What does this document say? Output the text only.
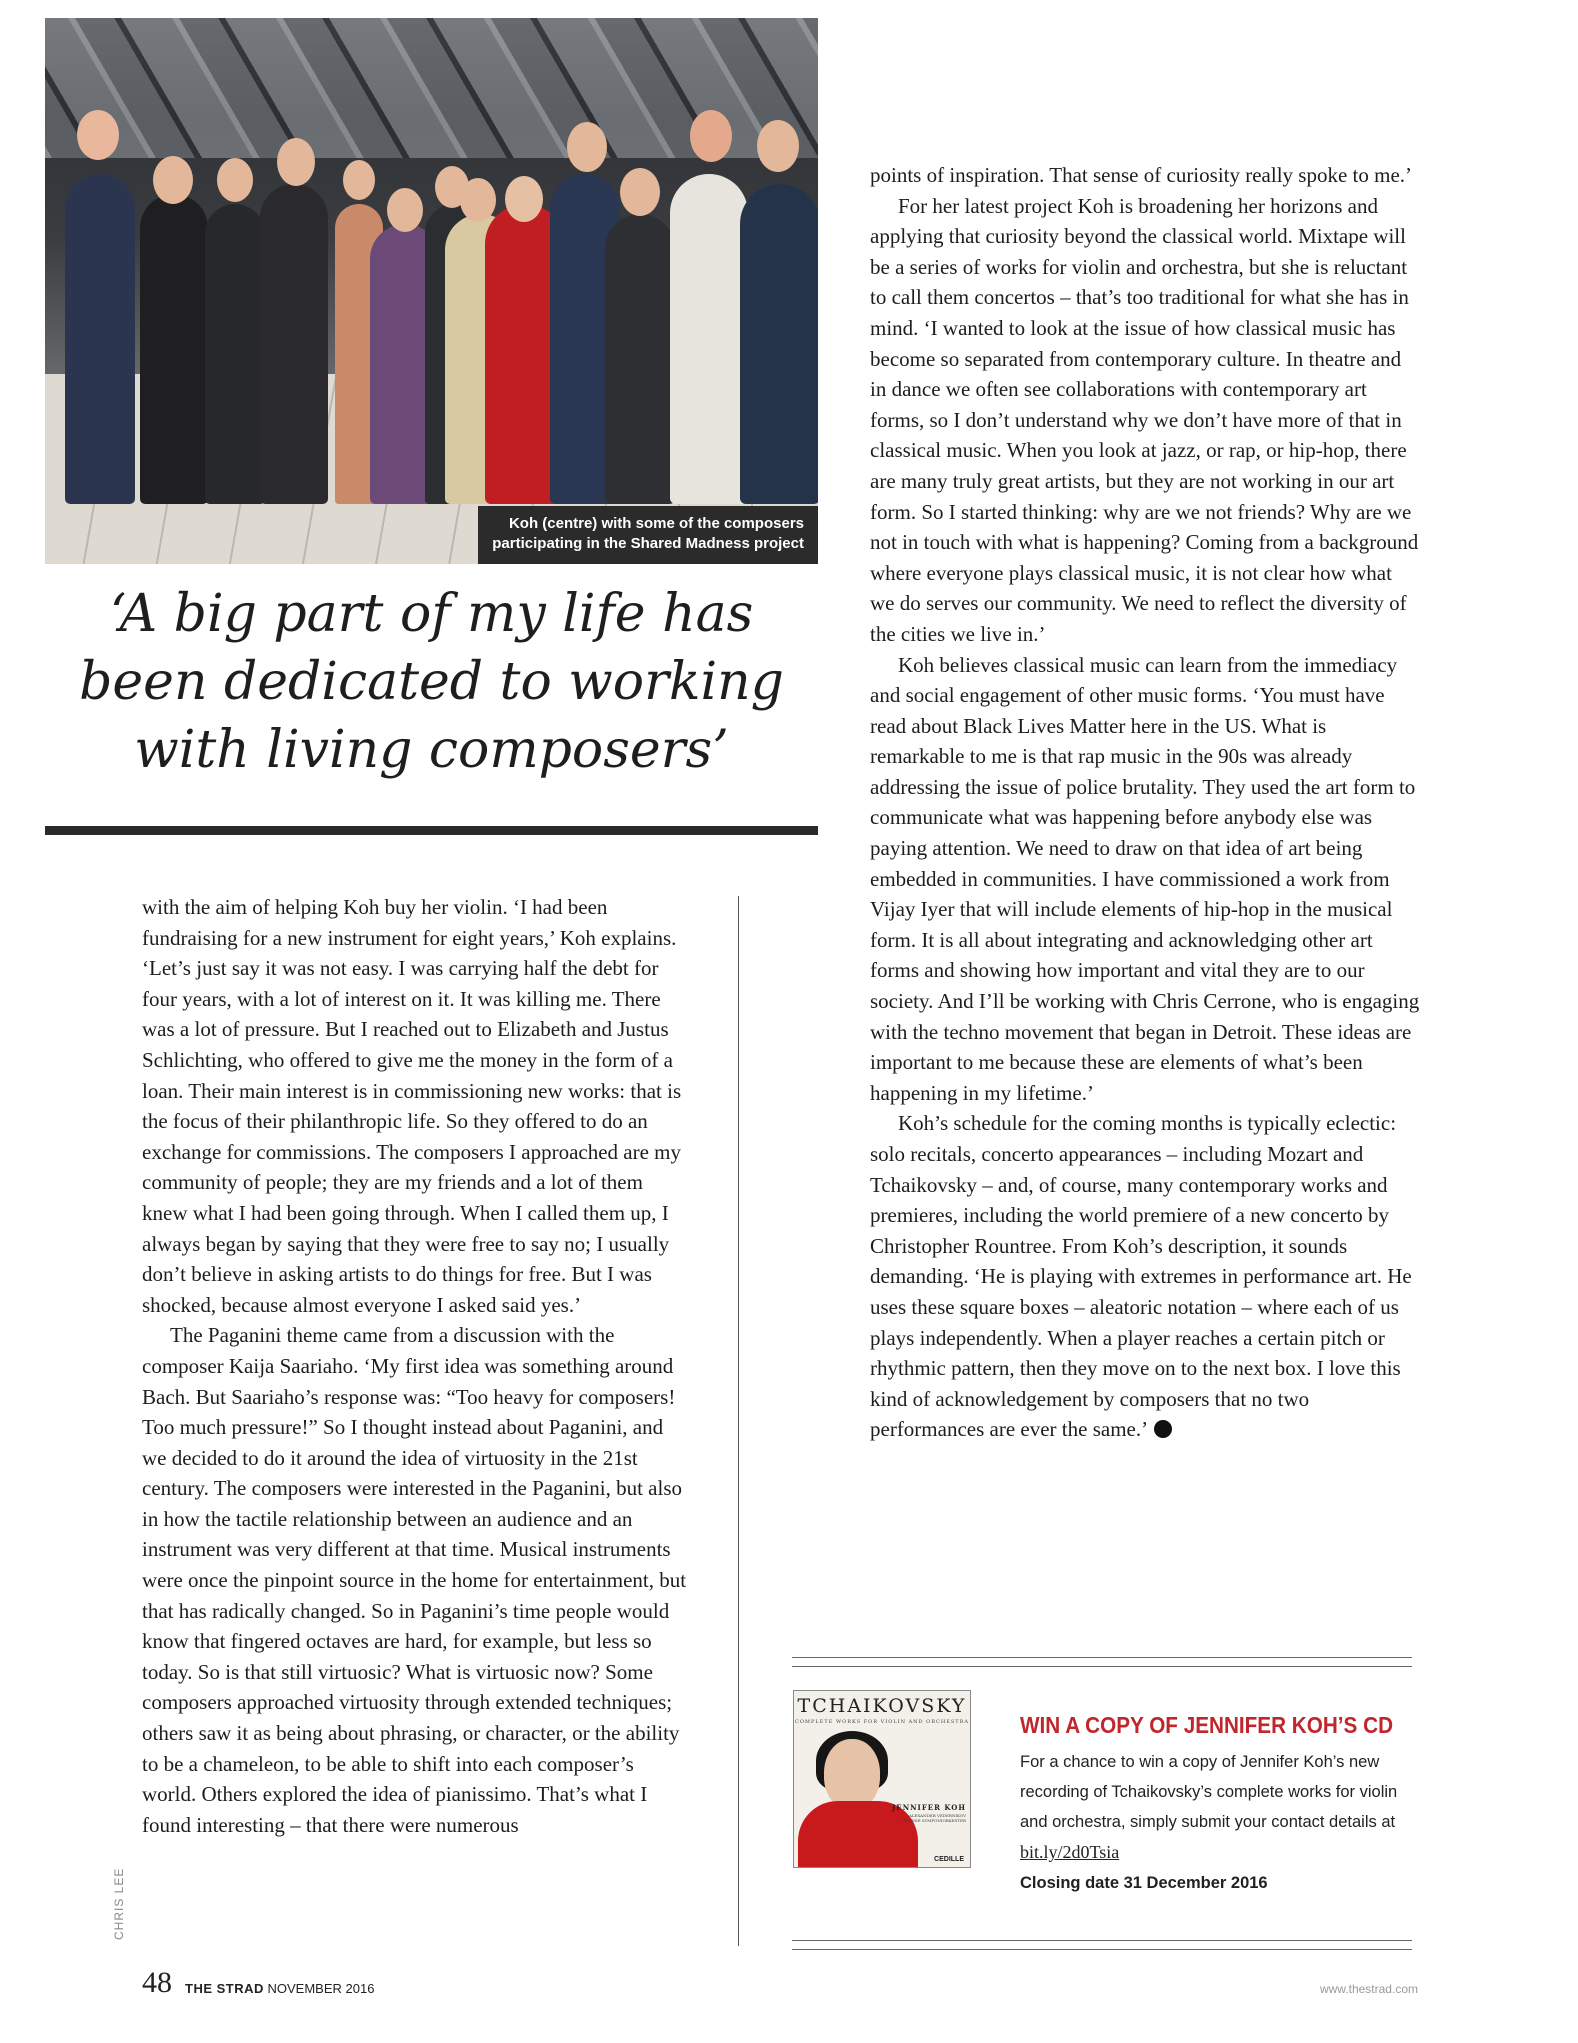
Koh (centre) with some of the composers
participating in the Shared Madness project
‘A big part of my life has
been dedicated to working
with living composers’

with the aim of helping Koh buy her violin. ‘I had been fundraising for a new instrument for eight years,’ Koh explains. ‘Let’s just say it was not easy. I was carrying half the debt for four years, with a lot of interest on it. It was killing me. There was a lot of pressure. But I reached out to Elizabeth and Justus Schlichting, who offered to give me the money in the form of a loan. Their main interest is in commissioning new works: that is the focus of their philanthropic life. So they offered to do an exchange for commissions. The composers I approached are my community of people; they are my friends and a lot of them knew what I had been going through. When I called them up, I always began by saying that they were free to say no; I usually don’t believe in asking artists to do things for free. But I was shocked, because almost everyone I asked said yes.’

The Paganini theme came from a discussion with the composer Kaija Saariaho. ‘My first idea was something around Bach. But Saariaho’s response was: “Too heavy for composers! Too much pressure!” So I thought instead about Paganini, and we decided to do it around the idea of virtuosity in the 21st century. The composers were interested in the Paganini, but also in how the tactile relationship between an audience and an instrument was very different at that time. Musical instruments were once the pinpoint source in the home for entertainment, but that has radically changed. So in Paganini’s time people would know that fingered octaves are hard, for example, but less so today. So is that still virtuosic? What is virtuosic now? Some composers approached virtuosity through extended techniques; others saw it as being about phrasing, or character, or the ability to be a chameleon, to be able to shift into each composer’s world. Others explored the idea of pianissimo. That’s what I found interesting – that there were numerous

points of inspiration. That sense of curiosity really spoke to me.’

For her latest project Koh is broadening her horizons and applying that curiosity beyond the classical world. Mixtape will be a series of works for violin and orchestra, but she is reluctant to call them concertos – that’s too traditional for what she has in mind. ‘I wanted to look at the issue of how classical music has become so separated from contemporary culture. In theatre and in dance we often see collaborations with contemporary art forms, so I don’t understand why we don’t have more of that in classical music. When you look at jazz, or rap, or hip-hop, there are many truly great artists, but they are not working in our art form. So I started thinking: why are we not friends? Why are we not in touch with what is happening? Coming from a background where everyone plays classical music, it is not clear how what we do serves our community. We need to reflect the diversity of the cities we live in.’

Koh believes classical music can learn from the immediacy and social engagement of other music forms. ‘You must have read about Black Lives Matter here in the US. What is remarkable to me is that rap music in the 90s was already addressing the issue of police brutality. They used the art form to communicate what was happening before anybody else was paying attention. We need to draw on that idea of art being embedded in communities. I have commissioned a work from Vijay Iyer that will include elements of hip-hop in the musical form. It is all about integrating and acknowledging other art forms and showing how important and vital they are to our society. And I’ll be working with Chris Cerrone, who is engaging with the techno movement that began in Detroit. These ideas are important to me because these are elements of what’s been happening in my lifetime.’

Koh’s schedule for the coming months is typically eclectic: solo recitals, concerto appearances – including Mozart and Tchaikovsky – and, of course, many contemporary works and premieres, including the world premiere of a new concerto by Christopher Rountree. From Koh’s description, it sounds demanding. ‘He is playing with extremes in performance art. He uses these square boxes – aleatoric notation – where each of us plays independently. When a player reaches a certain pitch or rhythmic pattern, then they move on to the next box. I love this kind of acknowledgement by composers that no two performances are ever the same.’

CHRIS LEE
TCHAIKOVSKY
COMPLETE WORKS FOR VIOLIN AND ORCHESTRA
JENNIFER KOH
ALEXANDER VEDERNIKOV ODENSE SYMFONIORKESTER
CEDILLE
WIN A COPY OF JENNIFER KOH’S CD

For a chance to win a copy of Jennifer Koh’s new recording of Tchaikovsky’s complete works for violin and orchestra, simply submit your contact details at bit.ly/2d0Tsia

Closing date 31 December 2016

48 THE STRAD NOVEMBER 2016	www.thestrad.com
